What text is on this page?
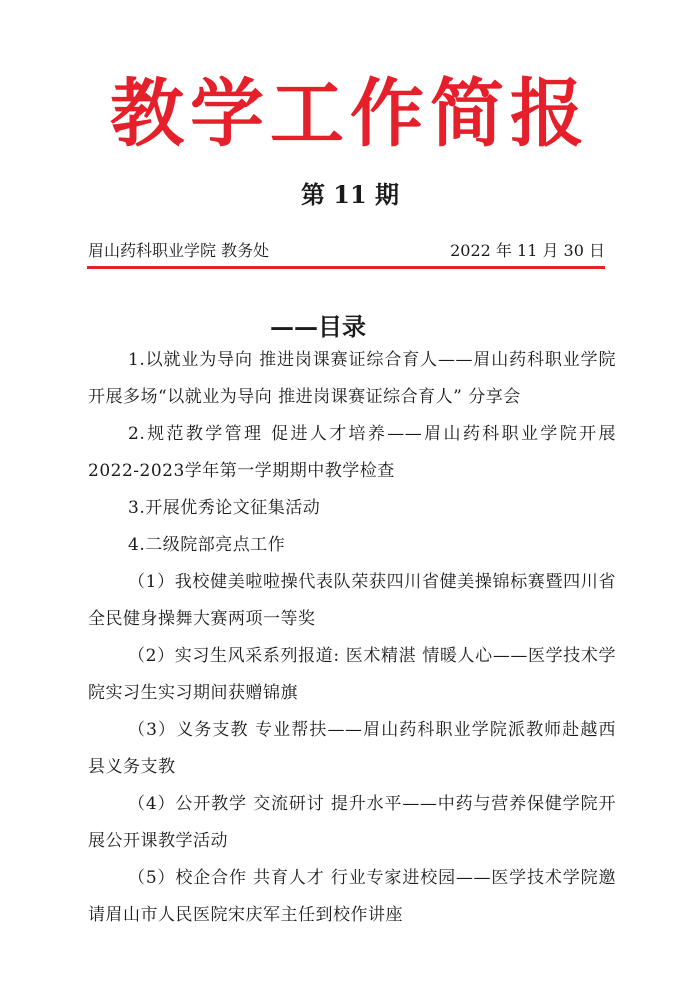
教学工作简报
第 11 期
眉山药科职业学院 教务处	2022 年 11 月 30 日
——目录
1.以就业为导向 推进岗课赛证综合育人——眉山药科职业学院开展多场“以就业为导向 推进岗课赛证综合育人” 分享会
2.规范教学管理 促进人才培养——眉山药科职业学院开展2022-2023学年第一学期期中教学检查
3.开展优秀论文征集活动
4.二级院部亮点工作
（1）我校健美啦啦操代表队荣获四川省健美操锦标赛暨四川省全民健身操舞大赛两项一等奖
（2）实习生风采系列报道: 医术精湛 情暖人心——医学技术学院实习生实习期间获赠锦旗
（3）义务支教 专业帮扶——眉山药科职业学院派教师赴越西县义务支教
（4）公开教学 交流研讨 提升水平——中药与营养保健学院开展公开课教学活动
（5）校企合作 共育人才 行业专家进校园——医学技术学院邀请眉山市人民医院宋庆军主任到校作讲座
